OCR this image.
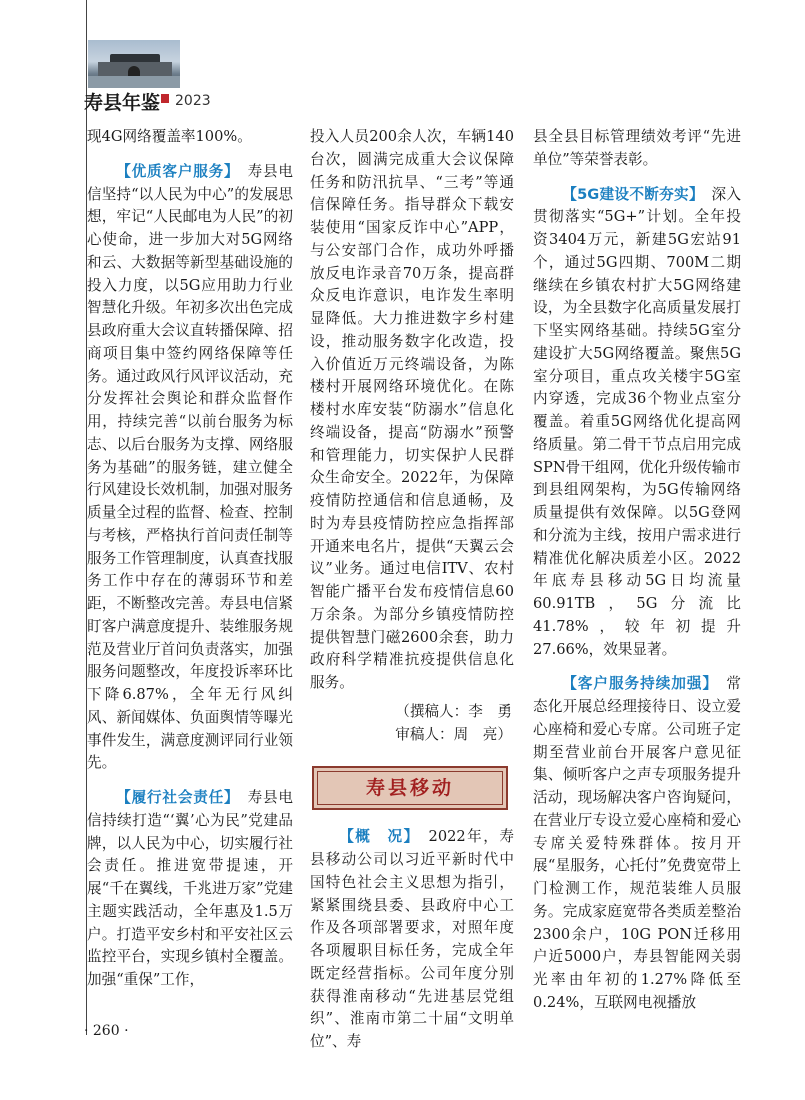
寿县年鉴 2023

现4G网络覆盖率100%。

【优质客户服务】　 寿县电信坚持“以人民为中心”的发展思想，牢记“人民邮电为人民”的初心使命，进一步加大对5G网络和云、大数据等新型基础设施的投入力度，以5G应用助力行业智慧化升级。年初多次出色完成县政府重大会议直转播保障、招商项目集中签约网络保障等任务。通过政风行风评议活动，充分发挥社会舆论和群众监督作用，持续完善“以前台服务为标志、以后台服务为支撑、网络服务为基础”的服务链，建立健全行风建设长效机制，加强对服务质量全过程的监督、检查、控制与考核，严格执行首问责任制等服务工作管理制度，认真查找服务工作中存在的薄弱环节和差距，不断整改完善。寿县电信紧盯客户满意度提升、装维服务规范及营业厅首问负责落实，加强服务问题整改，年度投诉率环比下降6.87%，全年无行风纠风、新闻媒体、负面舆情等曝光事件发生，满意度测评同行业领先。

【履行社会责任】　 寿县电信持续打造“‘翼’心为民”党建品牌，以人民为中心，切实履行社会责任。推进宽带提速，开展“千在翼线，千兆进万家”党建主题实践活动，全年惠及1.5万户。打造平安乡村和平安社区云监控平台，实现乡镇村全覆盖。加强“重保”工作，

投入人员200余人次，车辆140台次，圆满完成重大会议保障任务和防汛抗旱、“三考”等通信保障任务。指导群众下载安装使用“国家反诈中心”APP，与公安部门合作，成功外呼播放反电诈录音70万条，提高群众反电诈意识，电诈发生率明显降低。大力推进数字乡村建设，推动服务数字化改造，投入价值近万元终端设备，为陈楼村开展网络环境优化。在陈楼村水库安装“防溺水”信息化终端设备，提高“防溺水”预警和管理能力，切实保护人民群众生命安全。2022年，为保障疫情防控通信和信息通畅，及时为寿县疫情防控应急指挥部开通来电名片，提供“天翼云会议”业务。通过电信ITV、农村智能广播平台发布疫情信息60万余条。为部分乡镇疫情防控提供智慧门磁2600余套，助力政府科学精准抗疫提供信息化服务。

（撰稿人：李　勇
审稿人：周　亮）
寿县移动

【概　况】　 2022年，寿县移动公司以习近平新时代中国特色社会主义思想为指引，紧紧围绕县委、县政府中心工作及各项部署要求，对照年度各项履职目标任务，完成全年既定经营指标。公司年度分别获得淮南移动“先进基层党组织”、淮南市第二十届“文明单位”、寿

县全县目标管理绩效考评“先进单位”等荣誉表彰。

【5G建设不断夯实】　 深入贯彻落实“5G+”计划。全年投资3404万元，新建5G宏站91个，通过5G四期、700M二期继续在乡镇农村扩大5G网络建设，为全县数字化高质量发展打下坚实网络基础。持续5G室分建设扩大5G网络覆盖。聚焦5G室分项目，重点攻关楼宇5G室内穿透，完成36个物业点室分覆盖。着重5G网络优化提高网络质量。第二骨干节点启用完成SPN骨干组网，优化升级传输市到县组网架构，为5G传输网络质量提供有效保障。以5G登网和分流为主线，按用户需求进行精准优化解决质差小区。2022年底寿县移动5G日均流量60.91TB，5G分流比41.78%，较年初提升27.66%，效果显著。

【客户服务持续加强】　 常态化开展总经理接待日、设立爱心座椅和爱心专席。公司班子定期至营业前台开展客户意见征集、倾听客户之声专项服务提升活动，现场解决客户咨询疑问，在营业厅专设立爱心座椅和爱心专席关爱特殊群体。按月开展“星服务，心托付”免费宽带上门检测工作，规范装维人员服务。完成家庭宽带各类质差整治2300余户，10G PON迁移用户近5000户，寿县智能网关弱光率由年初的1.27%降低至0.24%，互联网电视播放

· 260 ·
